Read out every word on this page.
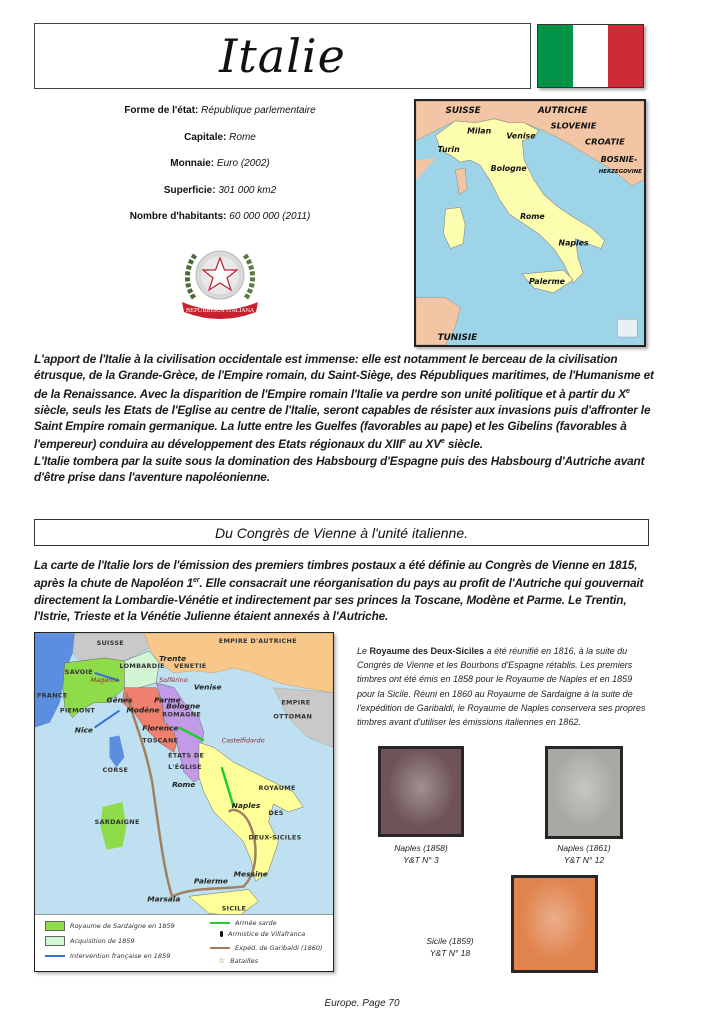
Italie
Forme de l'état: République parlementaire
Capitale: Rome
Monnaie: Euro (2002)
Superficie: 301 000 km2
Nombre d'habitants: 60 000 000 (2011)
REPUBBLICA ITALIANA
SUISSE	AUTRICHE
SLOVENIE
CROATIE
BOSNIE-
HERZEGOVINE
TUNISIE
Milan
Venise
Turin
Bologne
Rome
Naples
Palerme

L'apport de l'Italie à la civilisation occidentale est immense: elle est notamment le berceau de la civilisation étrusque, de la Grande-Grèce, de l'Empire romain, du Saint-Siège, des Républiques maritimes, de l'Humanisme et de la Renaissance. Avec la disparition de l'Empire romain l'Italie va perdre son unité politique et à partir du Xe siècle, seuls les Etats de l'Eglise au centre de l'Italie, seront capables de résister aux invasions puis d'affronter le Saint Empire romain germanique. La lutte entre les Guelfes (favorables au pape) et les Gibelins (favorables à l'empereur) conduira au développement des Etats régionaux du XIIIe au XVe siècle.

L'Italie tombera par la suite sous la domination des Habsbourg d'Espagne puis des Habsbourg d'Autriche avant d'être prise dans l'aventure napoléonienne.

Du Congrès de Vienne à l'unité italienne.

La carte de l'Italie lors de l'émission des premiers timbres postaux a été définie au Congrès de Vienne en 1815, après la chute de Napoléon 1er. Elle consacrait une réorganisation du pays au profit de l'Autriche qui gouvernait directement la Lombardie-Vénétie et indirectement par ses princes la Toscane, Modène et Parme. Le Trentin, l'Istrie, Trieste et la Vénétie Julienne étaient annexés à l'Autriche.

SUISSE	EMPIRE D'AUTRICHE
SAVOIE
LOMBARDIE VENETIE
FRANCE
PIEMONT	ROMAGNE
TOSCANE
ÉTATS DE
L'ÉGLISE
EMPIRE
OTTOMAN
CORSE
SARDAIGNE
ROYAUME
DES
DEUX-SICILES
SICILE
Trente
Venise
Gênes	Parme
Modène Bologne
Nice	Florence
Rome
Naples
Palerme
Messine
Marsala
Magenta	Solférino
Castelfidardo
Royaume de Sardaigne en 1859
Acquisition de 1859
Intervention française en 1859
Armée sarde
Armistice de Villafranca
Expéd. de Garibaldi (1860)
☆ Batailles
Le Royaume des Deux-Siciles a été réunifié en 1816, à la suite du Congrès de Vienne et les Bourbons d'Espagne rétablis. Les premiers timbres ont été émis en 1858 pour le Royaume de Naples et en 1859 pour la Sicile. Réuni en 1860 au Royaume de Sardaigne à la suite de l'expédition de Garibaldi, le Royaume de Naples conservera ses propres timbres avant d'utiliser les émissions italiennes en 1862.
Naples (1858)
Y&T N° 3
Naples (1861)
Y&T N° 12
Sicile (1859)
Y&T N° 18
Europe. Page 70
